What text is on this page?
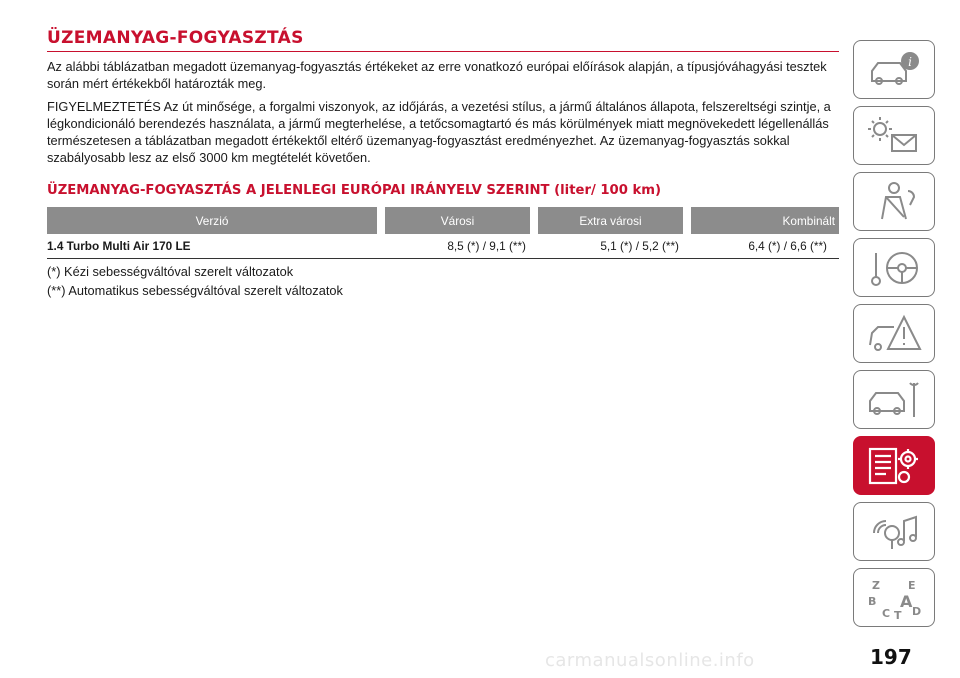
ÜZEMANYAG-FOGYASZTÁS

Az alábbi táblázatban megadott üzemanyag-fogyasztás értékeket az erre vonatkozó európai előírások alapján, a típusjóváhagyási tesztek során mért értékekből határozták meg.

FIGYELMEZTETÉS Az út minősége, a forgalmi viszonyok, az időjárás, a vezetési stílus, a jármű általános állapota, felszereltségi szintje, a légkondicionáló berendezés használata, a jármű megterhelése, a tetőcsomagtartó és más körülmények miatt megnövekedett légellenállás természetesen a táblázatban megadott értékektől eltérő üzemanyag-fogyasztást eredményezhet. Az üzemanyag-fogyasztás sokkal szabályosabb lesz az első 3000 km megtételét követően.

ÜZEMANYAG-FOGYASZTÁS A JELENLEGI EURÓPAI IRÁNYELV SZERINT (liter/ 100 km)
Verzió		Városi		Extra városi		Kombinált
1.4 Turbo Multi Air 170 LE		8,5 (*) / 9,1 (**)		5,1 (*) / 5,2 (**)		6,4 (*) / 6,6 (**)

(*) Kézi sebességváltóval szerelt változatok

(**) Automatikus sebességváltóval szerelt változatok

i
Z	E
B A
C T D
carmanualsonline.info	197
